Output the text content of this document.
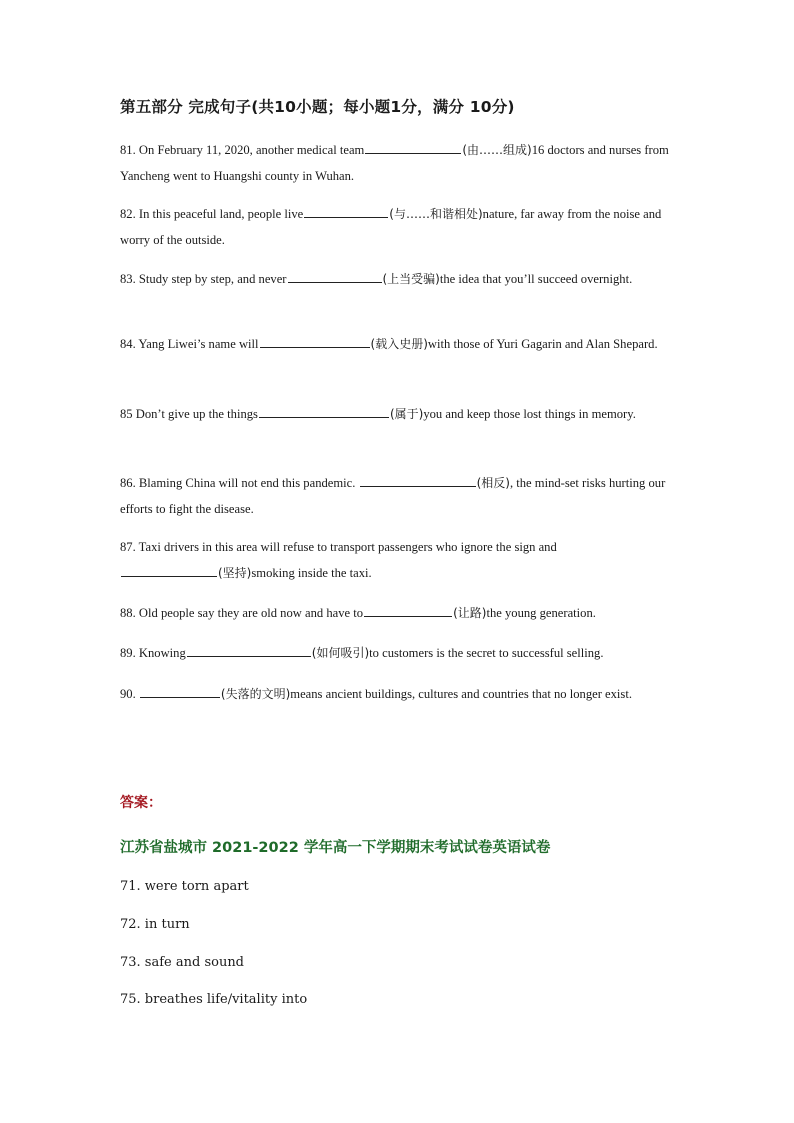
第五部分 完成句子(共10小题；每小题1分，满分 10分)
81. On February 11, 2020, another medical team	(由……组成)16 doctors and nurses from Yancheng went to Huangshi county in Wuhan.
82. In this peaceful land, people live	(与……和谐相处)nature, far away from the noise and worry of the outside.
83. Study step by step, and never	(上当受骗)the idea that you’ll succeed overnight.
84. Yang Liwei’s name will	(载入史册)with those of Yuri Gagarin and Alan Shepard.
85 Don’t give up the things	(属于)you and keep those lost things in memory.
86. Blaming China will not end this pandemic.	(相反), the mind-set risks hurting our efforts to fight the disease.
87. Taxi drivers in this area will refuse to transport passengers who ignore the sign and(坚持)smoking inside the taxi.
88. Old people say they are old now and have to	(让路)the young generation.
89. Knowing	(如何吸引)to customers is the secret to successful selling.
90.	(失落的文明)means ancient buildings, cultures and countries that no longer exist.
答案：
江苏省盐城市 2021-2022 学年高一下学期期末考试试卷英语试卷
71. were torn apart
72. in turn
73. safe and sound
75. breathes life/vitality into
